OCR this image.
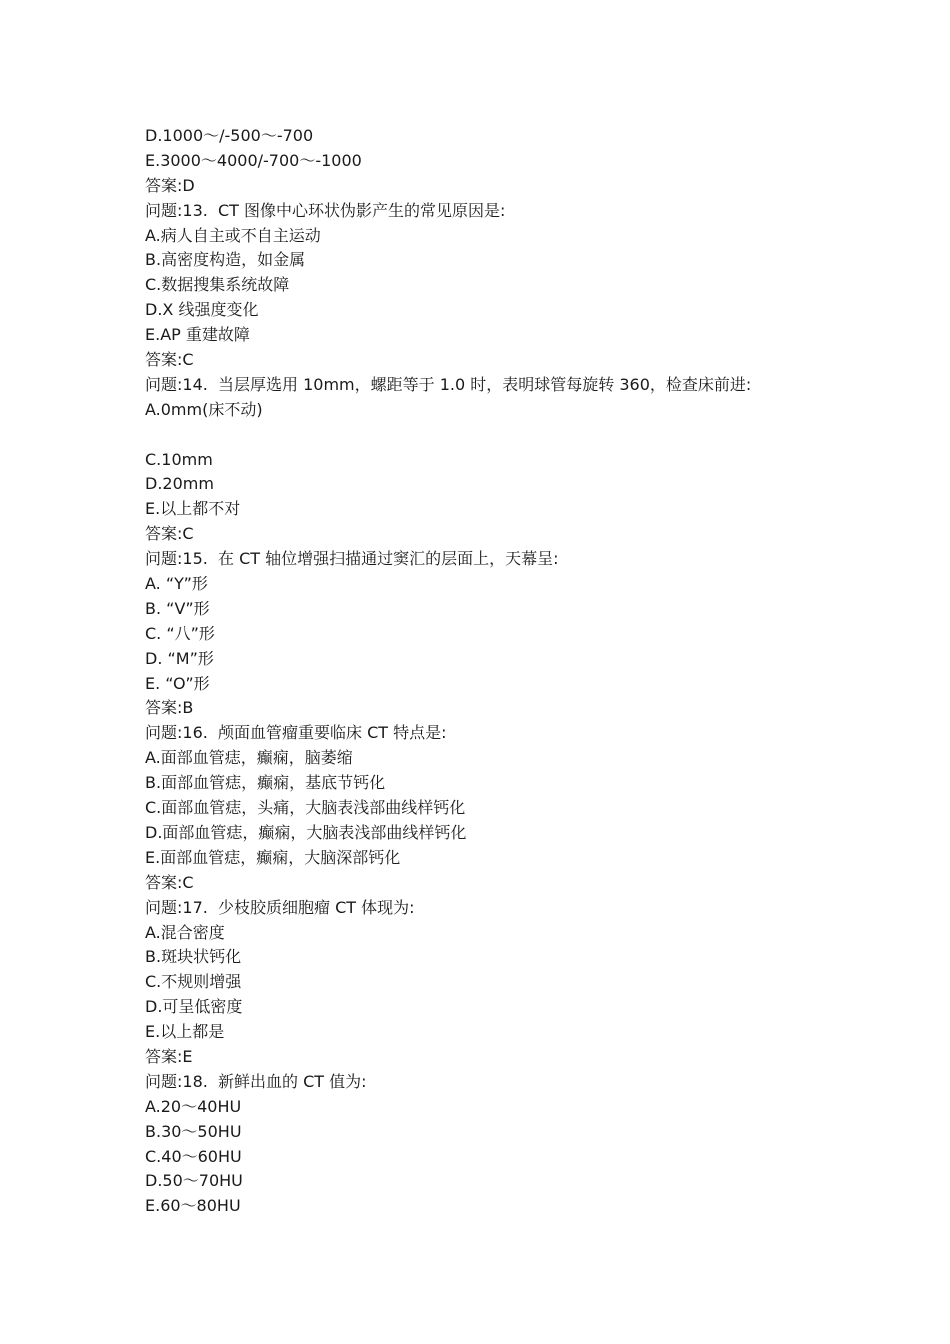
D.1000～/-500～-700
E.3000～4000/-700～-1000
答案:D
问题:13.  CT 图像中心环状伪影产生的常见原因是:
A.病人自主或不自主运动
B.高密度构造，如金属
C.数据搜集系统故障
D.X 线强度变化
E.AP 重建故障
答案:C
问题:14.  当层厚选用 10mm，螺距等于 1.0 时，表明球管每旋转 360，检查床前进:
A.0mm(床不动)
C.10mm
D.20mm
E.以上都不对
答案:C
问题:15.  在 CT 轴位增强扫描通过窦汇的层面上，天幕呈:
A. “Y”形
B. “V”形
C. “八”形
D. “M”形
E. “O”形
答案:B
问题:16.  颅面血管瘤重要临床 CT 特点是:
A.面部血管痣，癫痫，脑萎缩
B.面部血管痣，癫痫，基底节钙化
C.面部血管痣，头痛，大脑表浅部曲线样钙化
D.面部血管痣，癫痫，大脑表浅部曲线样钙化
E.面部血管痣，癫痫，大脑深部钙化
答案:C
问题:17.  少枝胶质细胞瘤 CT 体现为:
A.混合密度
B.斑块状钙化
C.不规则增强
D.可呈低密度
E.以上都是
答案:E
问题:18.  新鲜出血的 CT 值为:
A.20～40HU
B.30～50HU
C.40～60HU
D.50～70HU
E.60～80HU
